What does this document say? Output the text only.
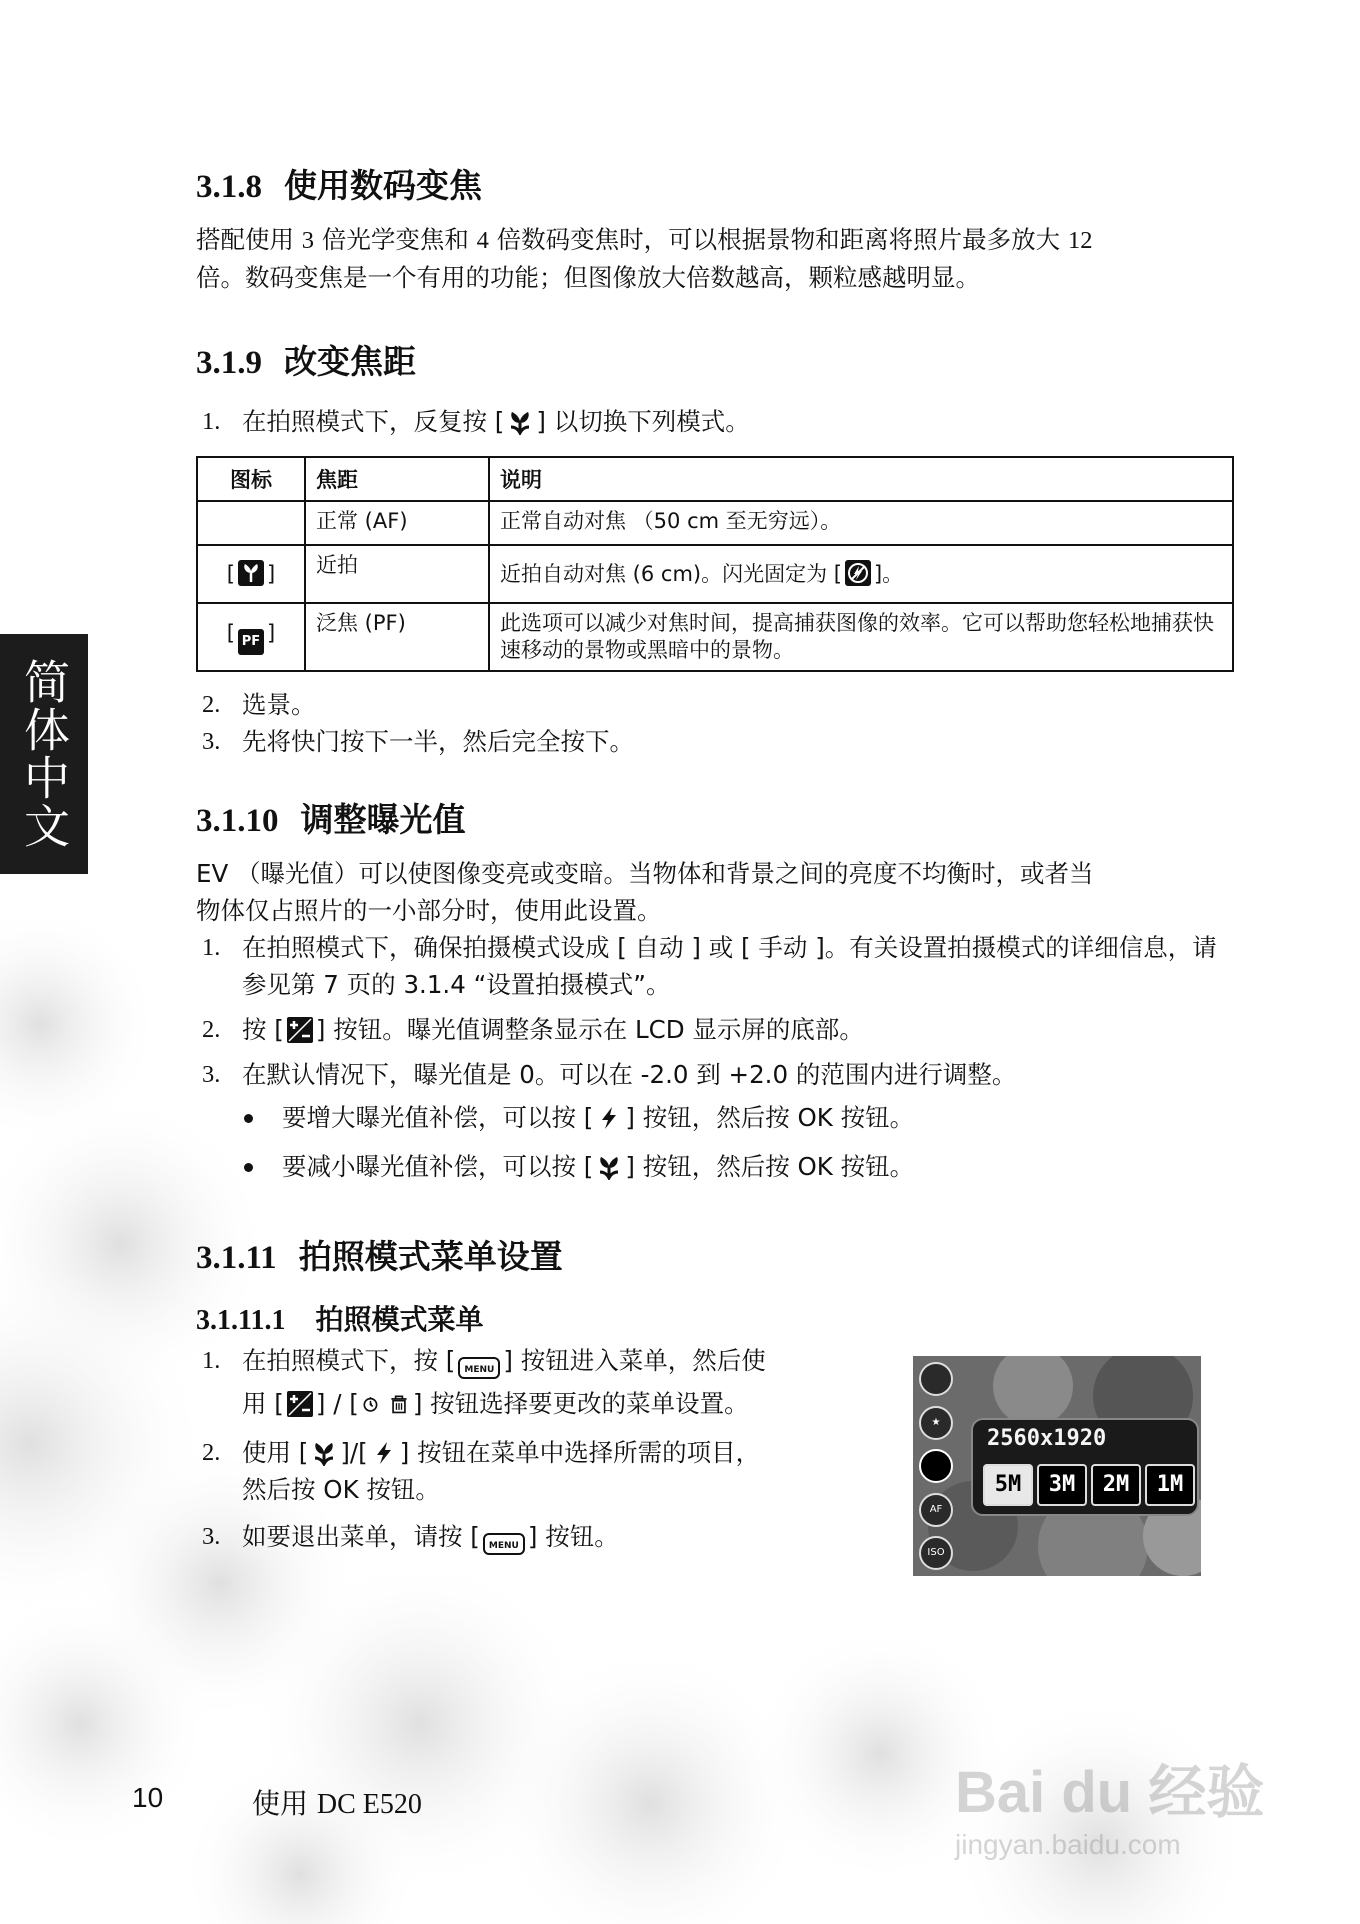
简体中文
3.1.8 使用数码变焦

搭配使用 3 倍光学变焦和 4 倍数码变焦时，可以根据景物和距离将照片最多放大 12
倍。数码变焦是一个有用的功能；但图像放大倍数越高，颗粒感越明显。

3.1.9 改变焦距
1. 在拍照模式下，反复按 [ ] 以切换下列模式。
图标	焦距	说明
	正常 (AF)	正常自动对焦 （50 cm 至无穷远）。
[ ]	近拍	近拍自动对焦 (6 cm)。闪光固定为 [ ]。
[ PF ]	泛焦 (PF)	此选项可以减少对焦时间，提高捕获图像的效率。它可以帮助您轻松地捕获快速移动的景物或黑暗中的景物。
2. 选景。
3. 先将快门按下一半，然后完全按下。
3.1.10 调整曝光值

EV （曝光值）可以使图像变亮或变暗。当物体和背景之间的亮度不均衡时，或者当
物体仅占照片的一小部分时，使用此设置。

1. 在拍照模式下，确保拍摄模式设成 [ 自动 ] 或 [ 手动 ]。有关设置拍摄模式的详细信息，请参见第 7 页的 3.1.4 “设置拍摄模式”。
2. 按 [ ] 按钮。曝光值调整条显示在 LCD 显示屏的底部。
3. 在默认情况下，曝光值是 0。可以在 -2.0 到 +2.0 的范围内进行调整。
要增大曝光值补偿，可以按 [ ] 按钮，然后按 OK 按钮。
要减小曝光值补偿，可以按 [ ] 按钮，然后按 OK 按钮。
3.1.11 拍照模式菜单设置
3.1.11.1 拍照模式菜单
1. 在拍照模式下，按 [ MENU ] 按钮进入菜单，然后使
用 [ ] / [ ] 按钮选择要更改的菜单设置。
2. 使用 [ ]/[ ] 按钮在菜单中选择所需的项目，
然后按 OK 按钮。
3. 如要退出菜单，请按 [ MENU ] 按钮。
★
AF
ISO
2560x1920
5M	3M	2M	1M
10	使用 DC E520	Bai du 经验
jingyan.baidu.com
